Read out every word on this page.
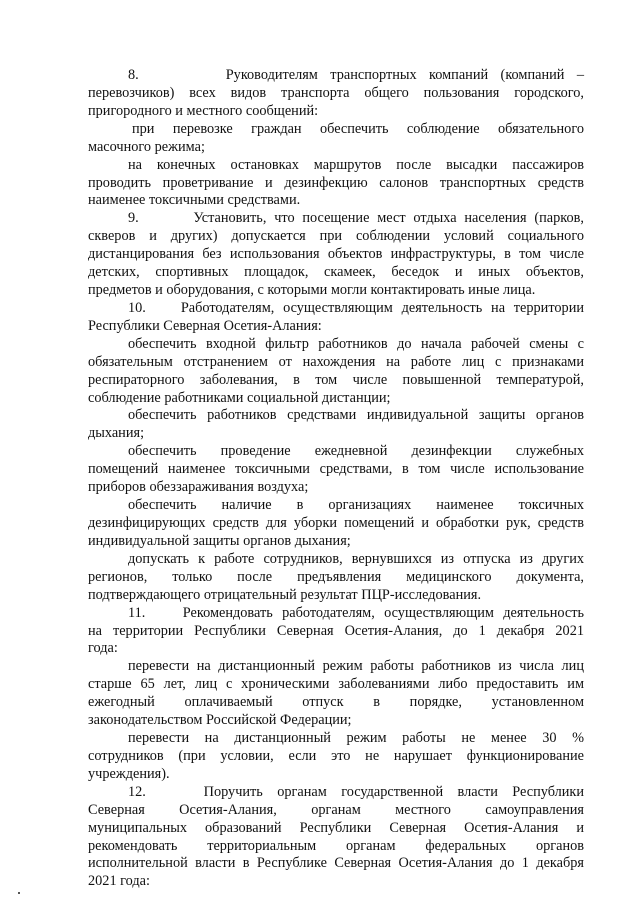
8.       Руководителям транспортных компаний (компаний –
перевозчиков) всех видов транспорта общего пользования городского,
пригородного и местного сообщений:
при перевозке граждан обеспечить соблюдение обязательного
масочного режима;
на конечных остановках маршрутов после высадки пассажиров
проводить проветривание и дезинфекцию салонов транспортных средств
наименее токсичными средствами.
9.       Установить, что посещение мест отдыха населения (парков,
скверов и других) допускается при соблюдении условий социального
дистанцирования без использования объектов инфраструктуры, в том числе
детских, спортивных площадок, скамеек, беседок и иных объектов,
предметов и оборудования, с которыми могли контактировать иные лица.
10.    Работодателям, осуществляющим деятельность на территории
Республики Северная Осетия-Алания:
обеспечить входной фильтр работников до начала рабочей смены с
обязательным отстранением от нахождения на работе лиц с признаками
респираторного заболевания, в том числе повышенной температурой,
соблюдение работниками социальной дистанции;
обеспечить работников средствами индивидуальной защиты органов
дыхания;
обеспечить проведение ежедневной дезинфекции служебных
помещений наименее токсичными средствами, в том числе использование
приборов обеззараживания воздуха;
обеспечить наличие в организациях наименее токсичных
дезинфицирующих средств для уборки помещений и обработки рук, средств
индивидуальной защиты органов дыхания;
допускать к работе сотрудников, вернувшихся из отпуска из других
регионов, только после предъявления медицинского документа,
подтверждающего отрицательный результат ПЦР-исследования.
11.    Рекомендовать работодателям, осуществляющим деятельность
на территории Республики Северная Осетия-Алания, до 1 декабря 2021
года:
перевести на дистанционный режим работы работников из числа лиц
старше 65 лет, лиц с хроническими заболеваниями либо предоставить им
ежегодный оплачиваемый отпуск в порядке, установленном
законодательством Российской Федерации;
перевести на дистанционный режим работы не менее 30 %
сотрудников (при условии, если это не нарушает функционирование
учреждения).
12.    Поручить органам государственной власти Республики
Северная Осетия-Алания, органам местного самоуправления
муниципальных образований Республики Северная Осетия-Алания и
рекомендовать территориальным органам федеральных органов
исполнительной власти в Республике Северная Осетия-Алания до 1 декабря
2021 года:
